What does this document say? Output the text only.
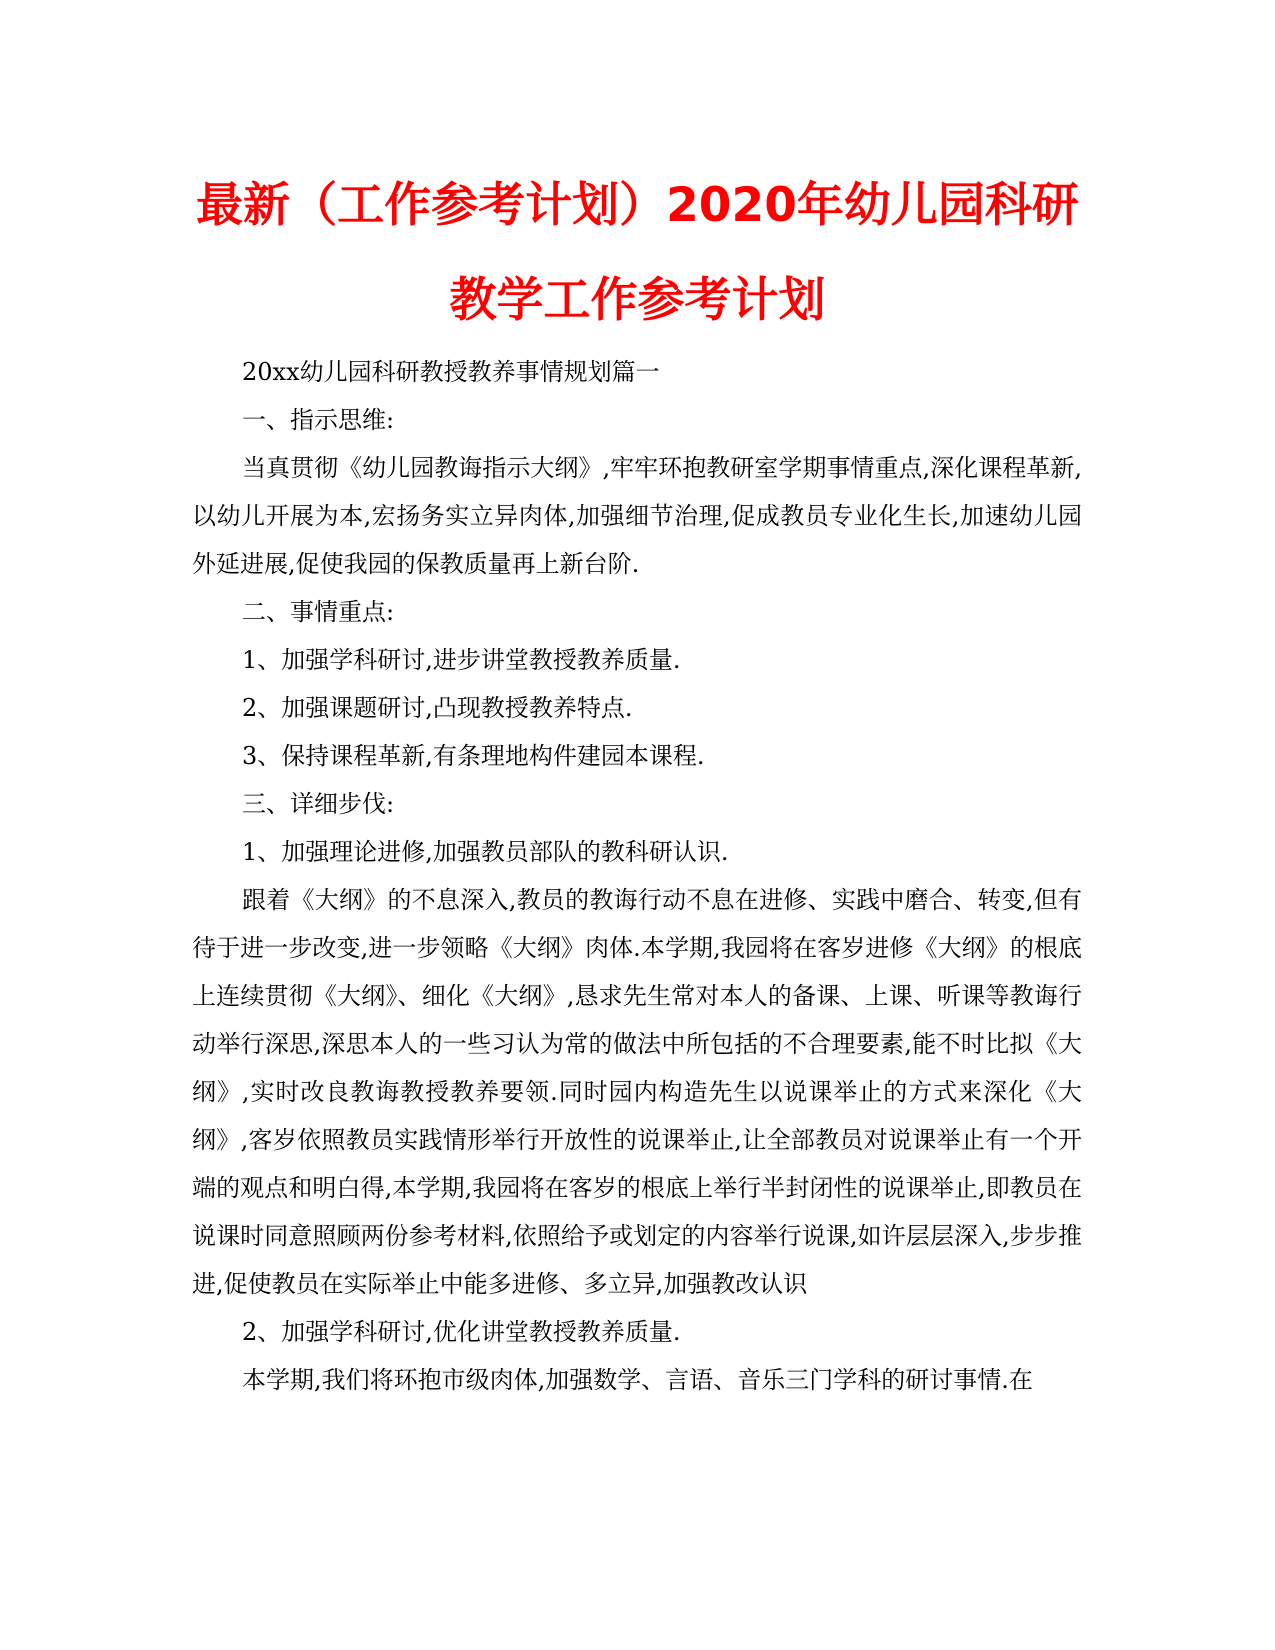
最新（工作参考计划）2020年幼儿园科研
教学工作参考计划

20xx幼儿园科研教授教养事情规划篇一

一、指示思维:

当真贯彻《幼儿园教诲指示大纲》,牢牢环抱教研室学期事情重点,深化课程革新,以幼儿开展为本,宏扬务实立异肉体,加强细节治理,促成教员专业化生长,加速幼儿园外延进展,促使我园的保教质量再上新台阶.

二、事情重点:

1、加强学科研讨,进步讲堂教授教养质量.

2、加强课题研讨,凸现教授教养特点.

3、保持课程革新,有条理地构件建园本课程.

三、详细步伐:

1、加强理论进修,加强教员部队的教科研认识.

跟着《大纲》的不息深入,教员的教诲行动不息在进修、实践中磨合、转变,但有待于进一步改变,进一步领略《大纲》肉体.本学期,我园将在客岁进修《大纲》的根底上连续贯彻《大纲》、细化《大纲》,恳求先生常对本人的备课、上课、听课等教诲行动举行深思,深思本人的一些习认为常的做法中所包括的不合理要素,能不时比拟《大纲》,实时改良教诲教授教养要领.同时园内构造先生以说课举止的方式来深化《大纲》,客岁依照教员实践情形举行开放性的说课举止,让全部教员对说课举止有一个开端的观点和明白得,本学期,我园将在客岁的根底上举行半封闭性的说课举止,即教员在说课时同意照顾两份参考材料,依照给予或划定的内容举行说课,如许层层深入,步步推进,促使教员在实际举止中能多进修、多立异,加强教改认识

2、加强学科研讨,优化讲堂教授教养质量.

本学期,我们将环抱市级肉体,加强数学、言语、音乐三门学科的研讨事情.在
